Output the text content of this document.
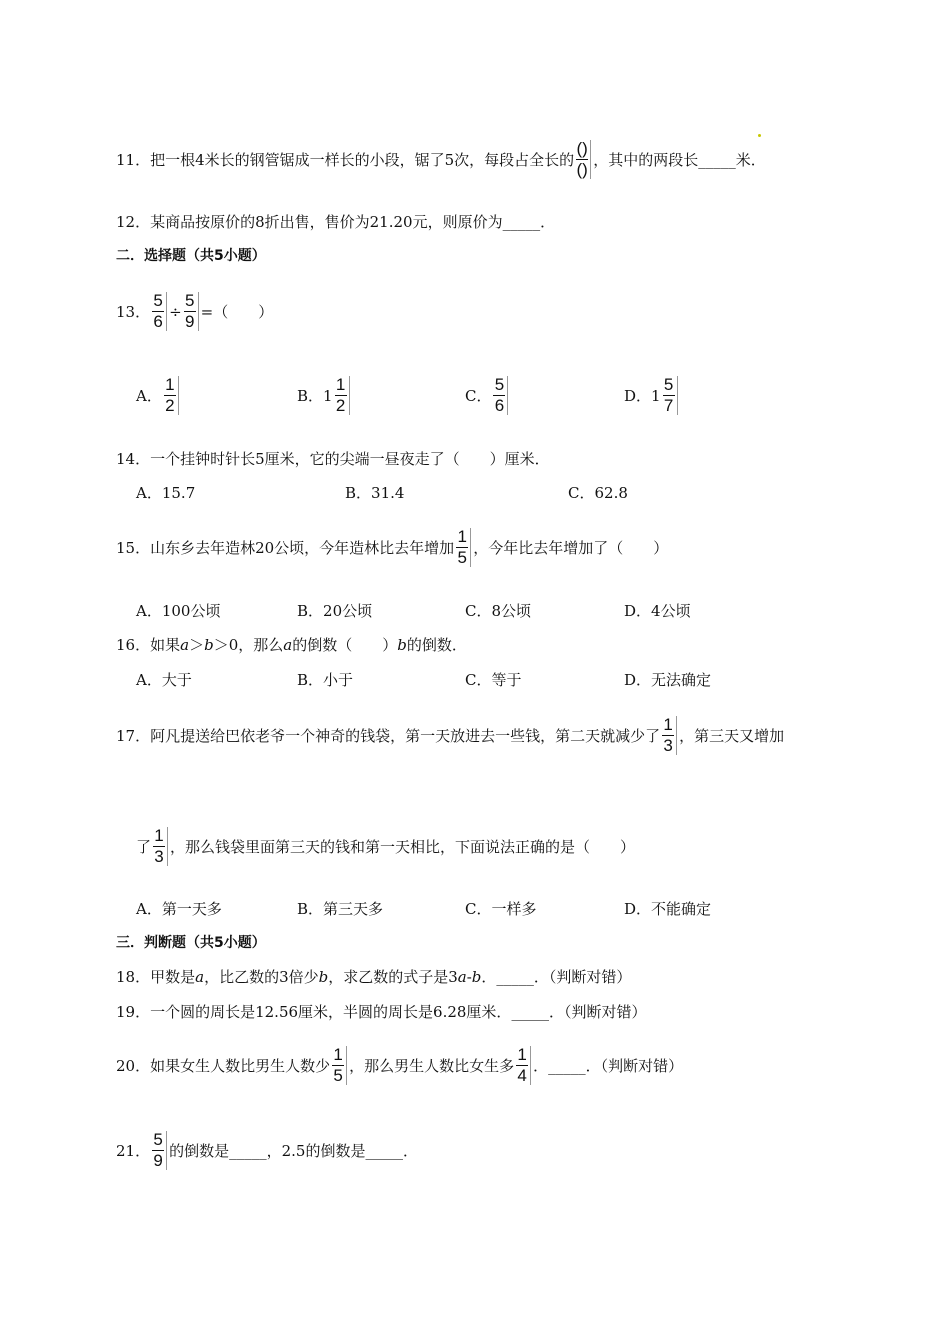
11． 把一根4米长的钢管锯成一样长的小段，锯了5次，每段占全长的 $\frac{()}{()}$ ，其中的两段长 _____ 米．
12． 某商品按原价的8折出售，售价为21.20元，则原价为 _____ ．
二．选择题（共5小题）
13． $\frac{5}{6} \div \frac{5}{9}$ =（　　）
A． $\frac{1}{2}$	B． $1 \frac{1}{2}$	C． $\frac{5}{6}$	D． $1 \frac{5}{7}$
14． 一个挂钟时针长5厘米，它的尖端一昼夜走了（　　）厘米．
A．15.7	B．31.4	C．62.8
15． 山东乡去年造林20公顷，今年造林比去年增加 $\frac{1}{5}$ ，今年比去年增加了（　　）
A．100公顷	B．20公顷	C．8公顷	D．4公顷
16． 如果 a ＞ b ＞0，那么 a 的倒数（　　） b 的倒数．
A．大于	B．小于	C．等于	D．无法确定
17． 阿凡提送给巴依老爷一个神奇的钱袋，第一天放进去一些钱，第二天就减少了 $\frac{1}{3}$ ，第三天又增加
了 $\frac{1}{3}$ ，那么钱袋里面第三天的钱和第一天相比，下面说法正确的是（　　）
A．第一天多	B．第三天多	C．一样多	D．不能确定
三．判断题（共5小题）
18． 甲数是 a ，比乙数的3倍少 b ，求乙数的式子是3 a - b ． _____ ．（判断对错）
19． 一个圆的周长是12.56厘米，半圆的周长是6.28厘米． _____ ．（判断对错）
20． 如果女生人数比男生人数少 $\frac{1}{5}$ ，那么男生人数比女生多 $\frac{1}{4}$ ． _____ ．（判断对错）
21． $\frac{5}{9}$ 的倒数是 _____ ，2.5的倒数是 _____ ．
